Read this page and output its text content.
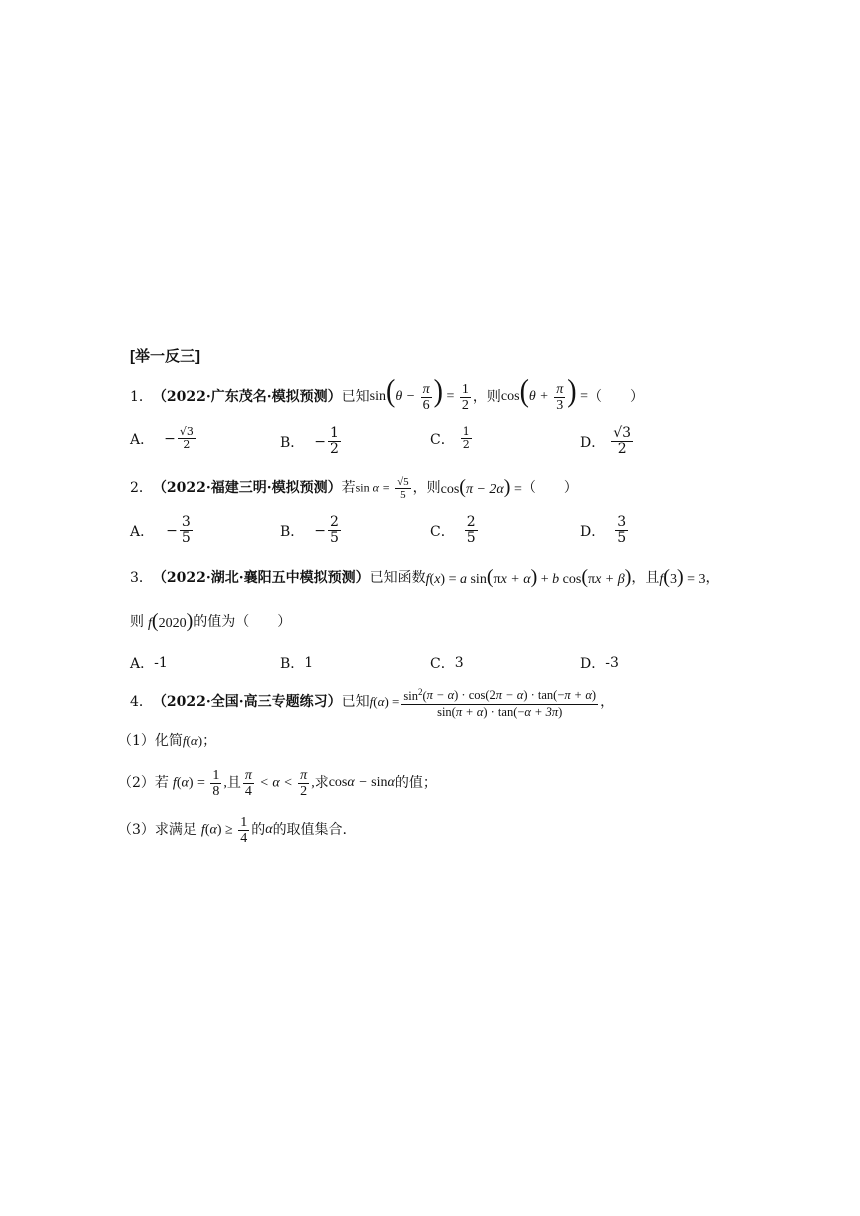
[举一反三]
1． （2022·广东茂名·模拟预测） 已知 $\sin(\theta - \frac{\pi}{6}$ ) = $\frac{1}{2}$ ，则 $\cos(\theta + \frac{\pi}{3}$ ) = （　　）
A． − $\frac{√3}{2}$	B． − $\frac{1}{2}$	C． $\frac{1}{2}$	D． $\frac{√3}{2}$
2． （2022·福建三明·模拟预测） 若 $\sin \alpha = \frac{√5}{5}$ ，则 cos(π − 2α) = （　　）
A． − $\frac{3}{5}$	B． − $\frac{2}{5}$	C． $\frac{2}{5}$	D． $\frac{3}{5}$
3． （2022·湖北·襄阳五中模拟预测） 已知函数 f(x) = a sin(πx + α) + b cos(πx + β) ，且 f(3) = 3 ，
则 f(2020) 的值为（　　）
A． -1	B． 1	C． 3	D． -3
4． （2022·全国·高三专题练习） 已知 f ( α ) = $\frac{\sin^2(\pi - \alpha) \cdot \cos(2\pi - \alpha) \cdot \tan(-\pi + \alpha)}{\sin(\pi + \alpha) \cdot \tan(-\alpha + 3\pi)}$ ，
（1）化简 f(α) ；
（2）若 $f(\alpha) = \frac{1}{8}$ , 且 $\frac{\pi}{4} < \alpha < \frac{\pi}{2}$ , 求 cosα − sinα 的值；
（3）求满足 $f(\alpha) \ge \frac{1}{4}$ 的 α 的取值集合.
